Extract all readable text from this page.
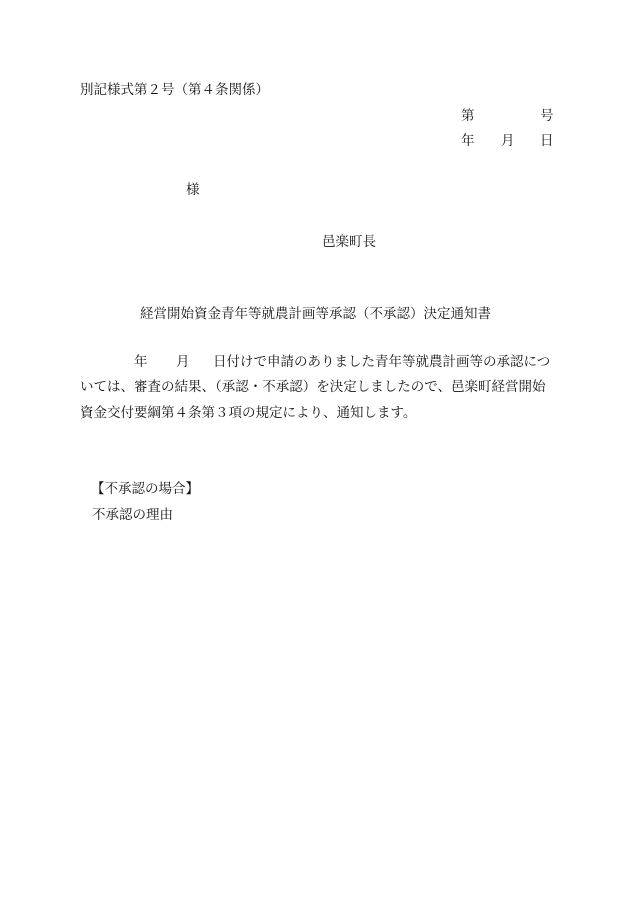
別記様式第２号（第４条関係）
第	号
年 月 日
様
邑楽町長
経営開始資金青年等就農計画等承認（不承認）決定通知書
年 月 日付けで申請のありました青年等就農計画等の承認につ
いては、審査の結果、（承認・不承認）を決定しましたので、邑楽町経営開始
資金交付要綱第４条第３項の規定により、通知します。
【不承認の場合】
不承認の理由
